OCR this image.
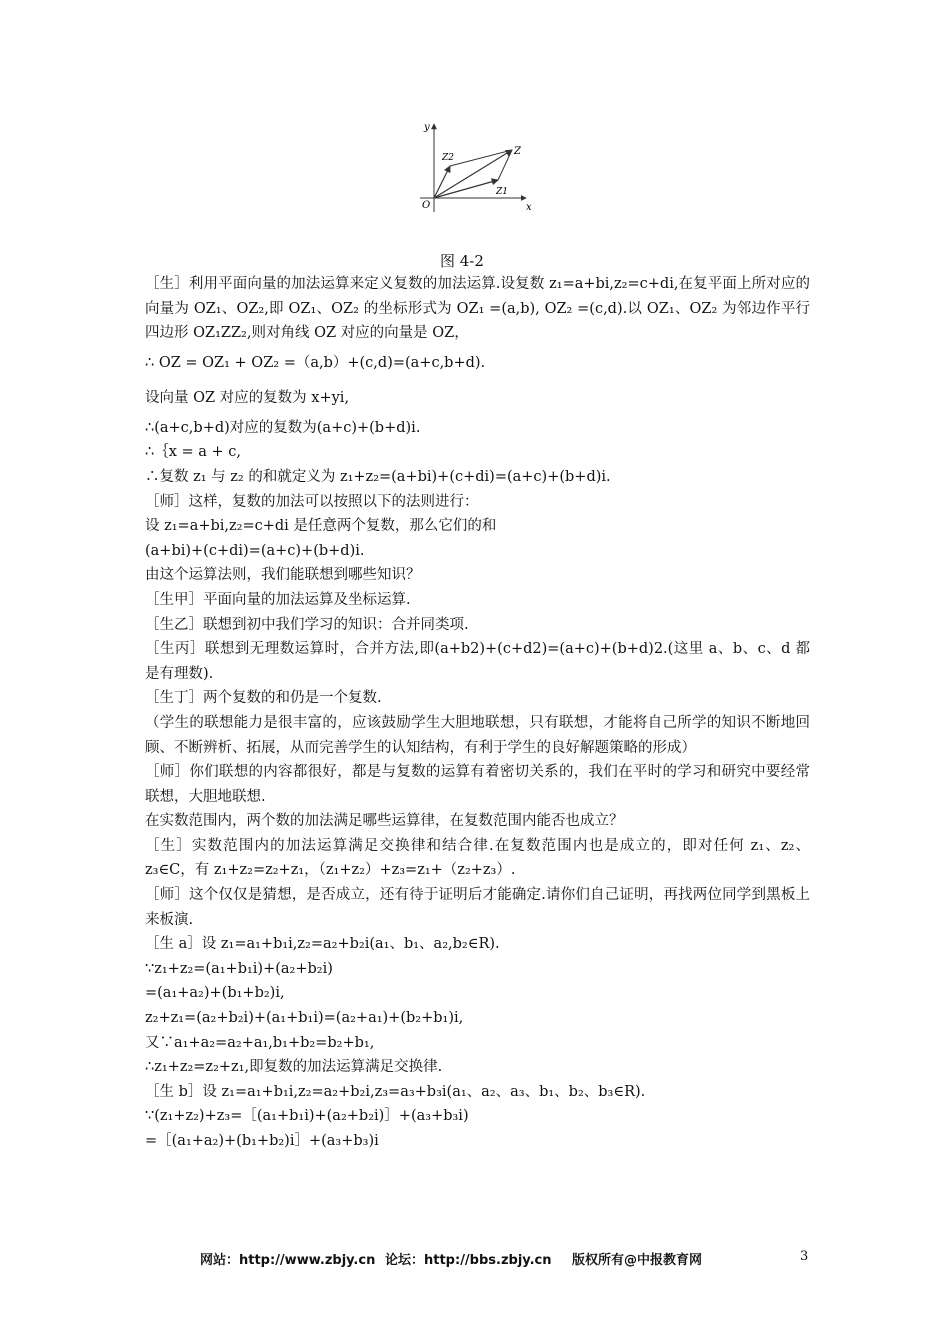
y
x
O
Z
Z1
Z2
图 4-2
［生］利用平面向量的加法运算来定义复数的加法运算.设复数 z₁=a+bi,z₂=c+di,在复平面上所对应的向量为 OZ₁、OZ₂,即 OZ₁、OZ₂ 的坐标形式为 OZ₁ =(a,b), OZ₂ =(c,d).以 OZ₁、OZ₂ 为邻边作平行四边形 OZ₁ZZ₂,则对角线 OZ 对应的向量是 OZ，
∴ OZ = OZ₁ + OZ₂ =（a,b）+(c,d)=(a+c,b+d).
设向量 OZ 对应的复数为 x+yi,
∴(a+c,b+d)对应的复数为(a+c)+(b+d)i.
∴｛x = a + c,
∴复数 z₁ 与 z₂ 的和就定义为 z₁+z₂=(a+bi)+(c+di)=(a+c)+(b+d)i.
［师］这样，复数的加法可以按照以下的法则进行：
设 z₁=a+bi,z₂=c+di 是任意两个复数，那么它们的和
(a+bi)+(c+di)=(a+c)+(b+d)i.
由这个运算法则，我们能联想到哪些知识？
［生甲］平面向量的加法运算及坐标运算.
［生乙］联想到初中我们学习的知识：合并同类项.
［生丙］联想到无理数运算时，合并方法,即(a+b2)+(c+d2)=(a+c)+(b+d)2.(这里 a、b、c、d 都是有理数).
［生丁］两个复数的和仍是一个复数.
（学生的联想能力是很丰富的，应该鼓励学生大胆地联想，只有联想，才能将自己所学的知识不断地回顾、不断辨析、拓展，从而完善学生的认知结构，有利于学生的良好解题策略的形成）
［师］你们联想的内容都很好，都是与复数的运算有着密切关系的，我们在平时的学习和研究中要经常联想，大胆地联想.
在实数范围内，两个数的加法满足哪些运算律，在复数范围内能否也成立？
［生］实数范围内的加法运算满足交换律和结合律.在复数范围内也是成立的，即对任何 z₁、z₂、z₃∈C，有 z₁+z₂=z₂+z₁，（z₁+z₂）+z₃=z₁+（z₂+z₃）.
［师］这个仅仅是猜想，是否成立，还有待于证明后才能确定.请你们自己证明，再找两位同学到黑板上来板演.
［生 a］设 z₁=a₁+b₁i,z₂=a₂+b₂i(a₁、b₁、a₂,b₂∈R).
∵z₁+z₂=(a₁+b₁i)+(a₂+b₂i)
=(a₁+a₂)+(b₁+b₂)i,
z₂+z₁=(a₂+b₂i)+(a₁+b₁i)=(a₂+a₁)+(b₂+b₁)i,
又∵a₁+a₂=a₂+a₁,b₁+b₂=b₂+b₁,
∴z₁+z₂=z₂+z₁,即复数的加法运算满足交换律.
［生 b］设 z₁=a₁+b₁i,z₂=a₂+b₂i,z₃=a₃+b₃i(a₁、a₂、a₃、b₁、b₂、b₃∈R).
∵(z₁+z₂)+z₃=［(a₁+b₁i)+(a₂+b₂i)］+(a₃+b₃i)
=［(a₁+a₂)+(b₁+b₂)i］+(a₃+b₃)i
网站：http://www.zbjy.cn 论坛：http://bbs.zbjy.cn 版权所有@中报教育网	3
